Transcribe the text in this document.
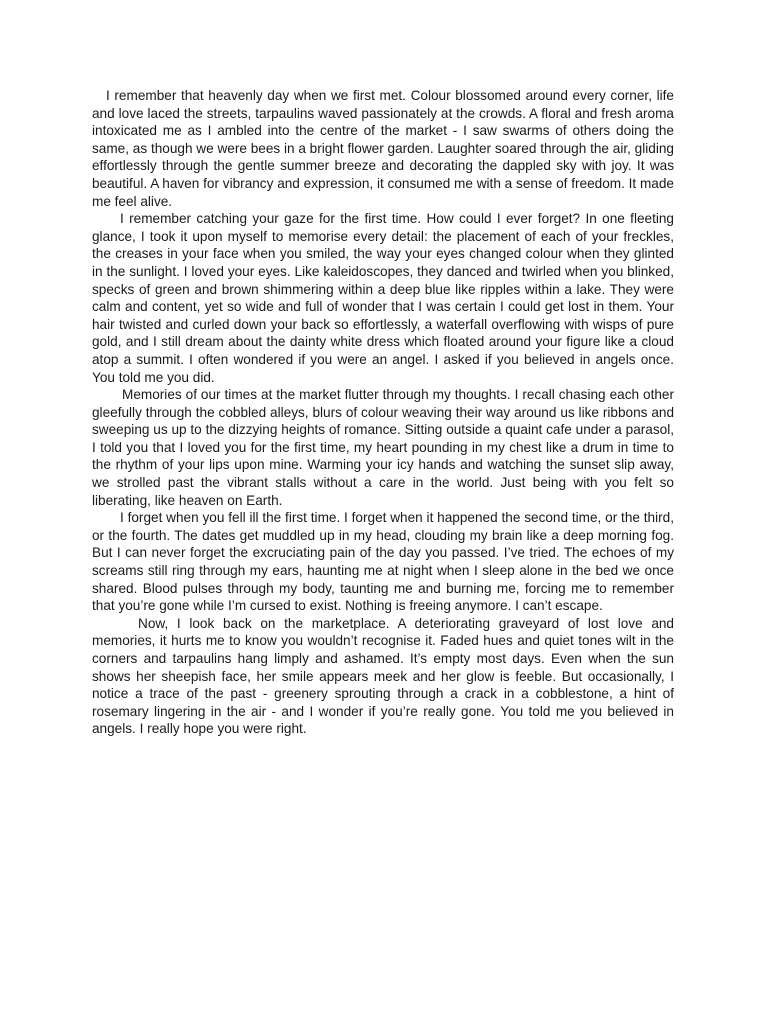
I remember that heavenly day when we first met. Colour blossomed around every corner, life and love laced the streets, tarpaulins waved passionately at the crowds. A floral and fresh aroma intoxicated me as I ambled into the centre of the market - I saw swarms of others doing the same, as though we were bees in a bright flower garden. Laughter soared through the air, gliding effortlessly through the gentle summer breeze and decorating the dappled sky with joy. It was beautiful. A haven for vibrancy and expression, it consumed me with a sense of freedom. It made me feel alive.

I remember catching your gaze for the first time. How could I ever forget? In one fleeting glance, I took it upon myself to memorise every detail: the placement of each of your freckles, the creases in your face when you smiled, the way your eyes changed colour when they glinted in the sunlight. I loved your eyes. Like kaleidoscopes, they danced and twirled when you blinked, specks of green and brown shimmering within a deep blue like ripples within a lake. They were calm and content, yet so wide and full of wonder that I was certain I could get lost in them. Your hair twisted and curled down your back so effortlessly, a waterfall overflowing with wisps of pure gold, and I still dream about the dainty white dress which floated around your figure like a cloud atop a summit. I often wondered if you were an angel. I asked if you believed in angels once. You told me you did.

Memories of our times at the market flutter through my thoughts. I recall chasing each other gleefully through the cobbled alleys, blurs of colour weaving their way around us like ribbons and sweeping us up to the dizzying heights of romance. Sitting outside a quaint cafe under a parasol, I told you that I loved you for the first time, my heart pounding in my chest like a drum in time to the rhythm of your lips upon mine. Warming your icy hands and watching the sunset slip away, we strolled past the vibrant stalls without a care in the world. Just being with you felt so liberating, like heaven on Earth.

I forget when you fell ill the first time. I forget when it happened the second time, or the third, or the fourth. The dates get muddled up in my head, clouding my brain like a deep morning fog. But I can never forget the excruciating pain of the day you passed. I’ve tried. The echoes of my screams still ring through my ears, haunting me at night when I sleep alone in the bed we once shared. Blood pulses through my body, taunting me and burning me, forcing me to remember that you’re gone while I’m cursed to exist. Nothing is freeing anymore. I can’t escape.

Now, I look back on the marketplace. A deteriorating graveyard of lost love and memories, it hurts me to know you wouldn’t recognise it. Faded hues and quiet tones wilt in the corners and tarpaulins hang limply and ashamed. It’s empty most days. Even when the sun shows her sheepish face, her smile appears meek and her glow is feeble. But occasionally, I notice a trace of the past - greenery sprouting through a crack in a cobblestone, a hint of rosemary lingering in the air - and I wonder if you’re really gone. You told me you believed in angels. I really hope you were right.
